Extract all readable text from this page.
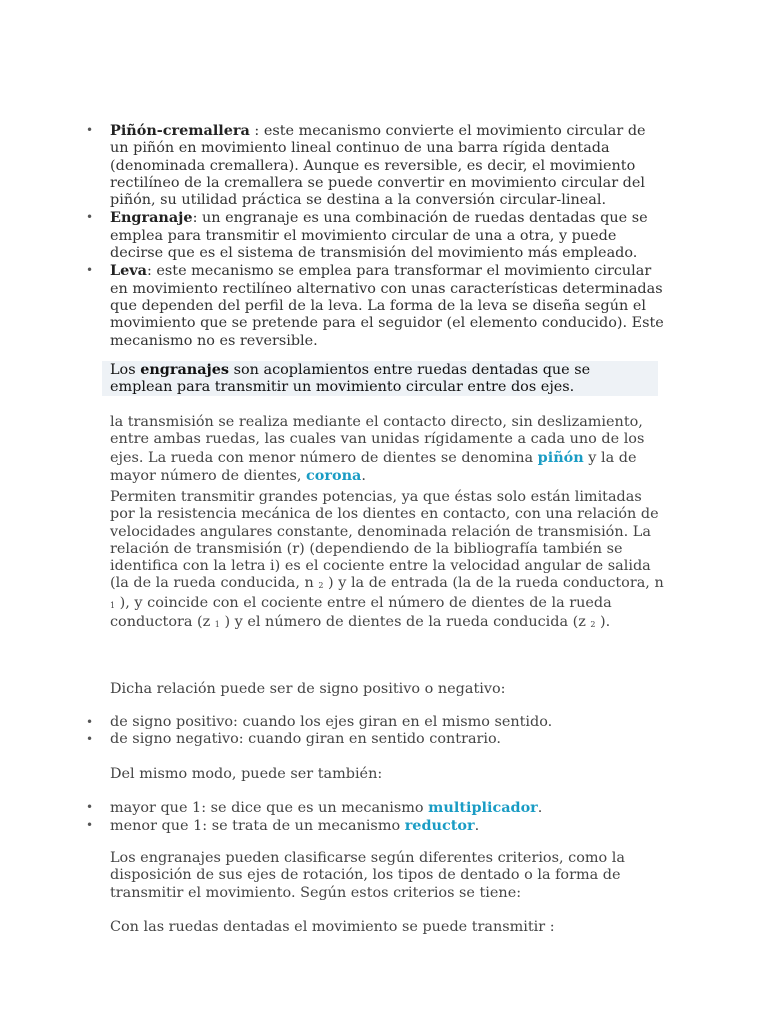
• Piñón-cremallera : este mecanismo convierte el movimiento circular de un piñón en movimiento lineal continuo de una barra rígida dentada (denominada cremallera). Aunque es reversible, es decir, el movimiento rectilíneo de la cremallera se puede convertir en movimiento circular del piñón, su utilidad práctica se destina a la conversión circular-lineal.
• Engranaje: un engranaje es una combinación de ruedas dentadas que se emplea para transmitir el movimiento circular de una a otra, y puede decirse que es el sistema de transmisión del movimiento más empleado.
• Leva: este mecanismo se emplea para transformar el movimiento circular en movimiento rectilíneo alternativo con unas características determinadas que dependen del perfil de la leva. La forma de la leva se diseña según el movimiento que se pretende para el seguidor (el elemento conducido). Este mecanismo no es reversible.
Los engranajes son acoplamientos entre ruedas dentadas que se emplean para transmitir un movimiento circular entre dos ejes.

la transmisión se realiza mediante el contacto directo, sin deslizamiento, entre ambas ruedas, las cuales van unidas rígidamente a cada uno de los ejes. La rueda con menor número de dientes se denomina piñón y la de mayor número de dientes, corona.

Permiten transmitir grandes potencias, ya que éstas solo están limitadas por la resistencia mecánica de los dientes en contacto, con una relación de velocidades angulares constante, denominada relación de transmisión. La relación de transmisión (r) (dependiendo de la bibliografía también se identifica con la letra i) es el cociente entre la velocidad angular de salida (la de la rueda conducida, n $_2$ ) y la de entrada (la de la rueda conductora, n $_1$ ), y coincide con el cociente entre el número de dientes de la rueda conductora (z $_1$ ) y el número de dientes de la rueda conducida (z $_2$ ).

Dicha relación puede ser de signo positivo o negativo:

• de signo positivo: cuando los ejes giran en el mismo sentido.
• de signo negativo: cuando giran en sentido contrario.

Del mismo modo, puede ser también:

• mayor que 1: se dice que es un mecanismo multiplicador.
• menor que 1: se trata de un mecanismo reductor.

Los engranajes pueden clasificarse según diferentes criterios, como la disposición de sus ejes de rotación, los tipos de dentado o la forma de transmitir el movimiento. Según estos criterios se tiene:

Con las ruedas dentadas el movimiento se puede transmitir :
